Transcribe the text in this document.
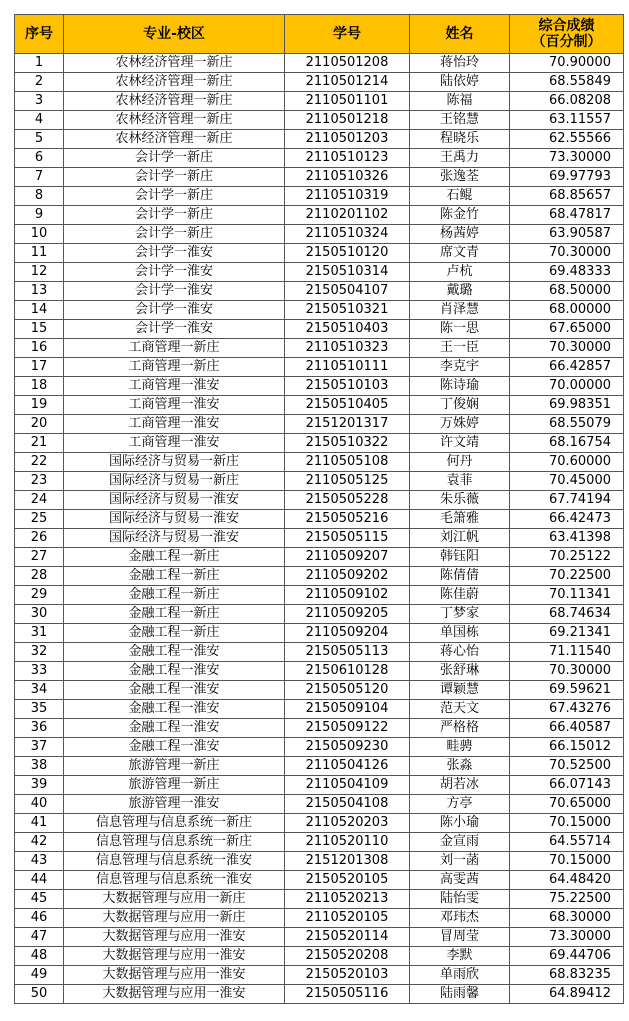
序号	专业-校区	学号	姓名	综合成绩
（百分制）
1	农林经济管理一新庄	2110501208	蒋怡玲	70.90000
2	农林经济管理一新庄	2110501214	陆依婷	68.55849
3	农林经济管理一新庄	2110501101	陈福	66.08208
4	农林经济管理一新庄	2110501218	王铭慧	63.11557
5	农林经济管理一新庄	2110501203	程晓乐	62.55566
6	会计学一新庄	2110510123	王禹力	73.30000
7	会计学一新庄	2110510326	张逸荃	69.97793
8	会计学一新庄	2110510319	石鲲	68.85657
9	会计学一新庄	2110201102	陈金竹	68.47817
10	会计学一新庄	2110510324	杨茜婷	63.90587
11	会计学一淮安	2150510120	席文青	70.30000
12	会计学一淮安	2150510314	卢杭	69.48333
13	会计学一淮安	2150504107	戴璐	68.50000
14	会计学一淮安	2150510321	肖泽慧	68.00000
15	会计学一淮安	2150510403	陈一思	67.65000
16	工商管理一新庄	2110510323	王一臣	70.30000
17	工商管理一新庄	2110510111	李克宇	66.42857
18	工商管理一淮安	2150510103	陈诗瑜	70.00000
19	工商管理一淮安	2150510405	丁俊娴	69.98351
20	工商管理一淮安	2151201317	万姝婷	68.55079
21	工商管理一淮安	2150510322	许文靖	68.16754
22	国际经济与贸易一新庄	2110505108	何丹	70.60000
23	国际经济与贸易一新庄	2110505125	袁菲	70.45000
24	国际经济与贸易一淮安	2150505228	朱乐薇	67.74194
25	国际经济与贸易一淮安	2150505216	毛箫雅	66.42473
26	国际经济与贸易一淮安	2150505115	刘江帆	63.41398
27	金融工程一新庄	2110509207	韩钰阳	70.25122
28	金融工程一新庄	2110509202	陈倩倩	70.22500
29	金融工程一新庄	2110509102	陈佳蔚	70.11341
30	金融工程一新庄	2110509205	丁梦家	68.74634
31	金融工程一新庄	2110509204	单国栋	69.21341
32	金融工程一淮安	2150505113	蒋心怡	71.11540
33	金融工程一淮安	2150610128	张舒琳	70.30000
34	金融工程一淮安	2150505120	谭颖慧	69.59621
35	金融工程一淮安	2150509104	范天文	67.43276
36	金融工程一淮安	2150509122	严格格	66.40587
37	金融工程一淮安	2150509230	畦骋	66.15012
38	旅游管理一新庄	2110504126	张淼	70.52500
39	旅游管理一新庄	2110504109	胡若冰	66.07143
40	旅游管理一淮安	2150504108	方亭	70.65000
41	信息管理与信息系统一新庄	2110520203	陈小瑜	70.15000
42	信息管理与信息系统一新庄	2110520110	金宣雨	64.55714
43	信息管理与信息系统一淮安	2151201308	刘一菡	70.15000
44	信息管理与信息系统一淮安	2150520105	高雯茜	64.48420
45	大数据管理与应用一新庄	2110520213	陆怡雯	75.22500
46	大数据管理与应用一新庄	2110520105	邓玮杰	68.30000
47	大数据管理与应用一淮安	2150520114	冒周莹	73.30000
48	大数据管理与应用一淮安	2150520208	李默	69.44706
49	大数据管理与应用一淮安	2150520103	单雨欣	68.83235
50	大数据管理与应用一淮安	2150505116	陆雨馨	64.89412
